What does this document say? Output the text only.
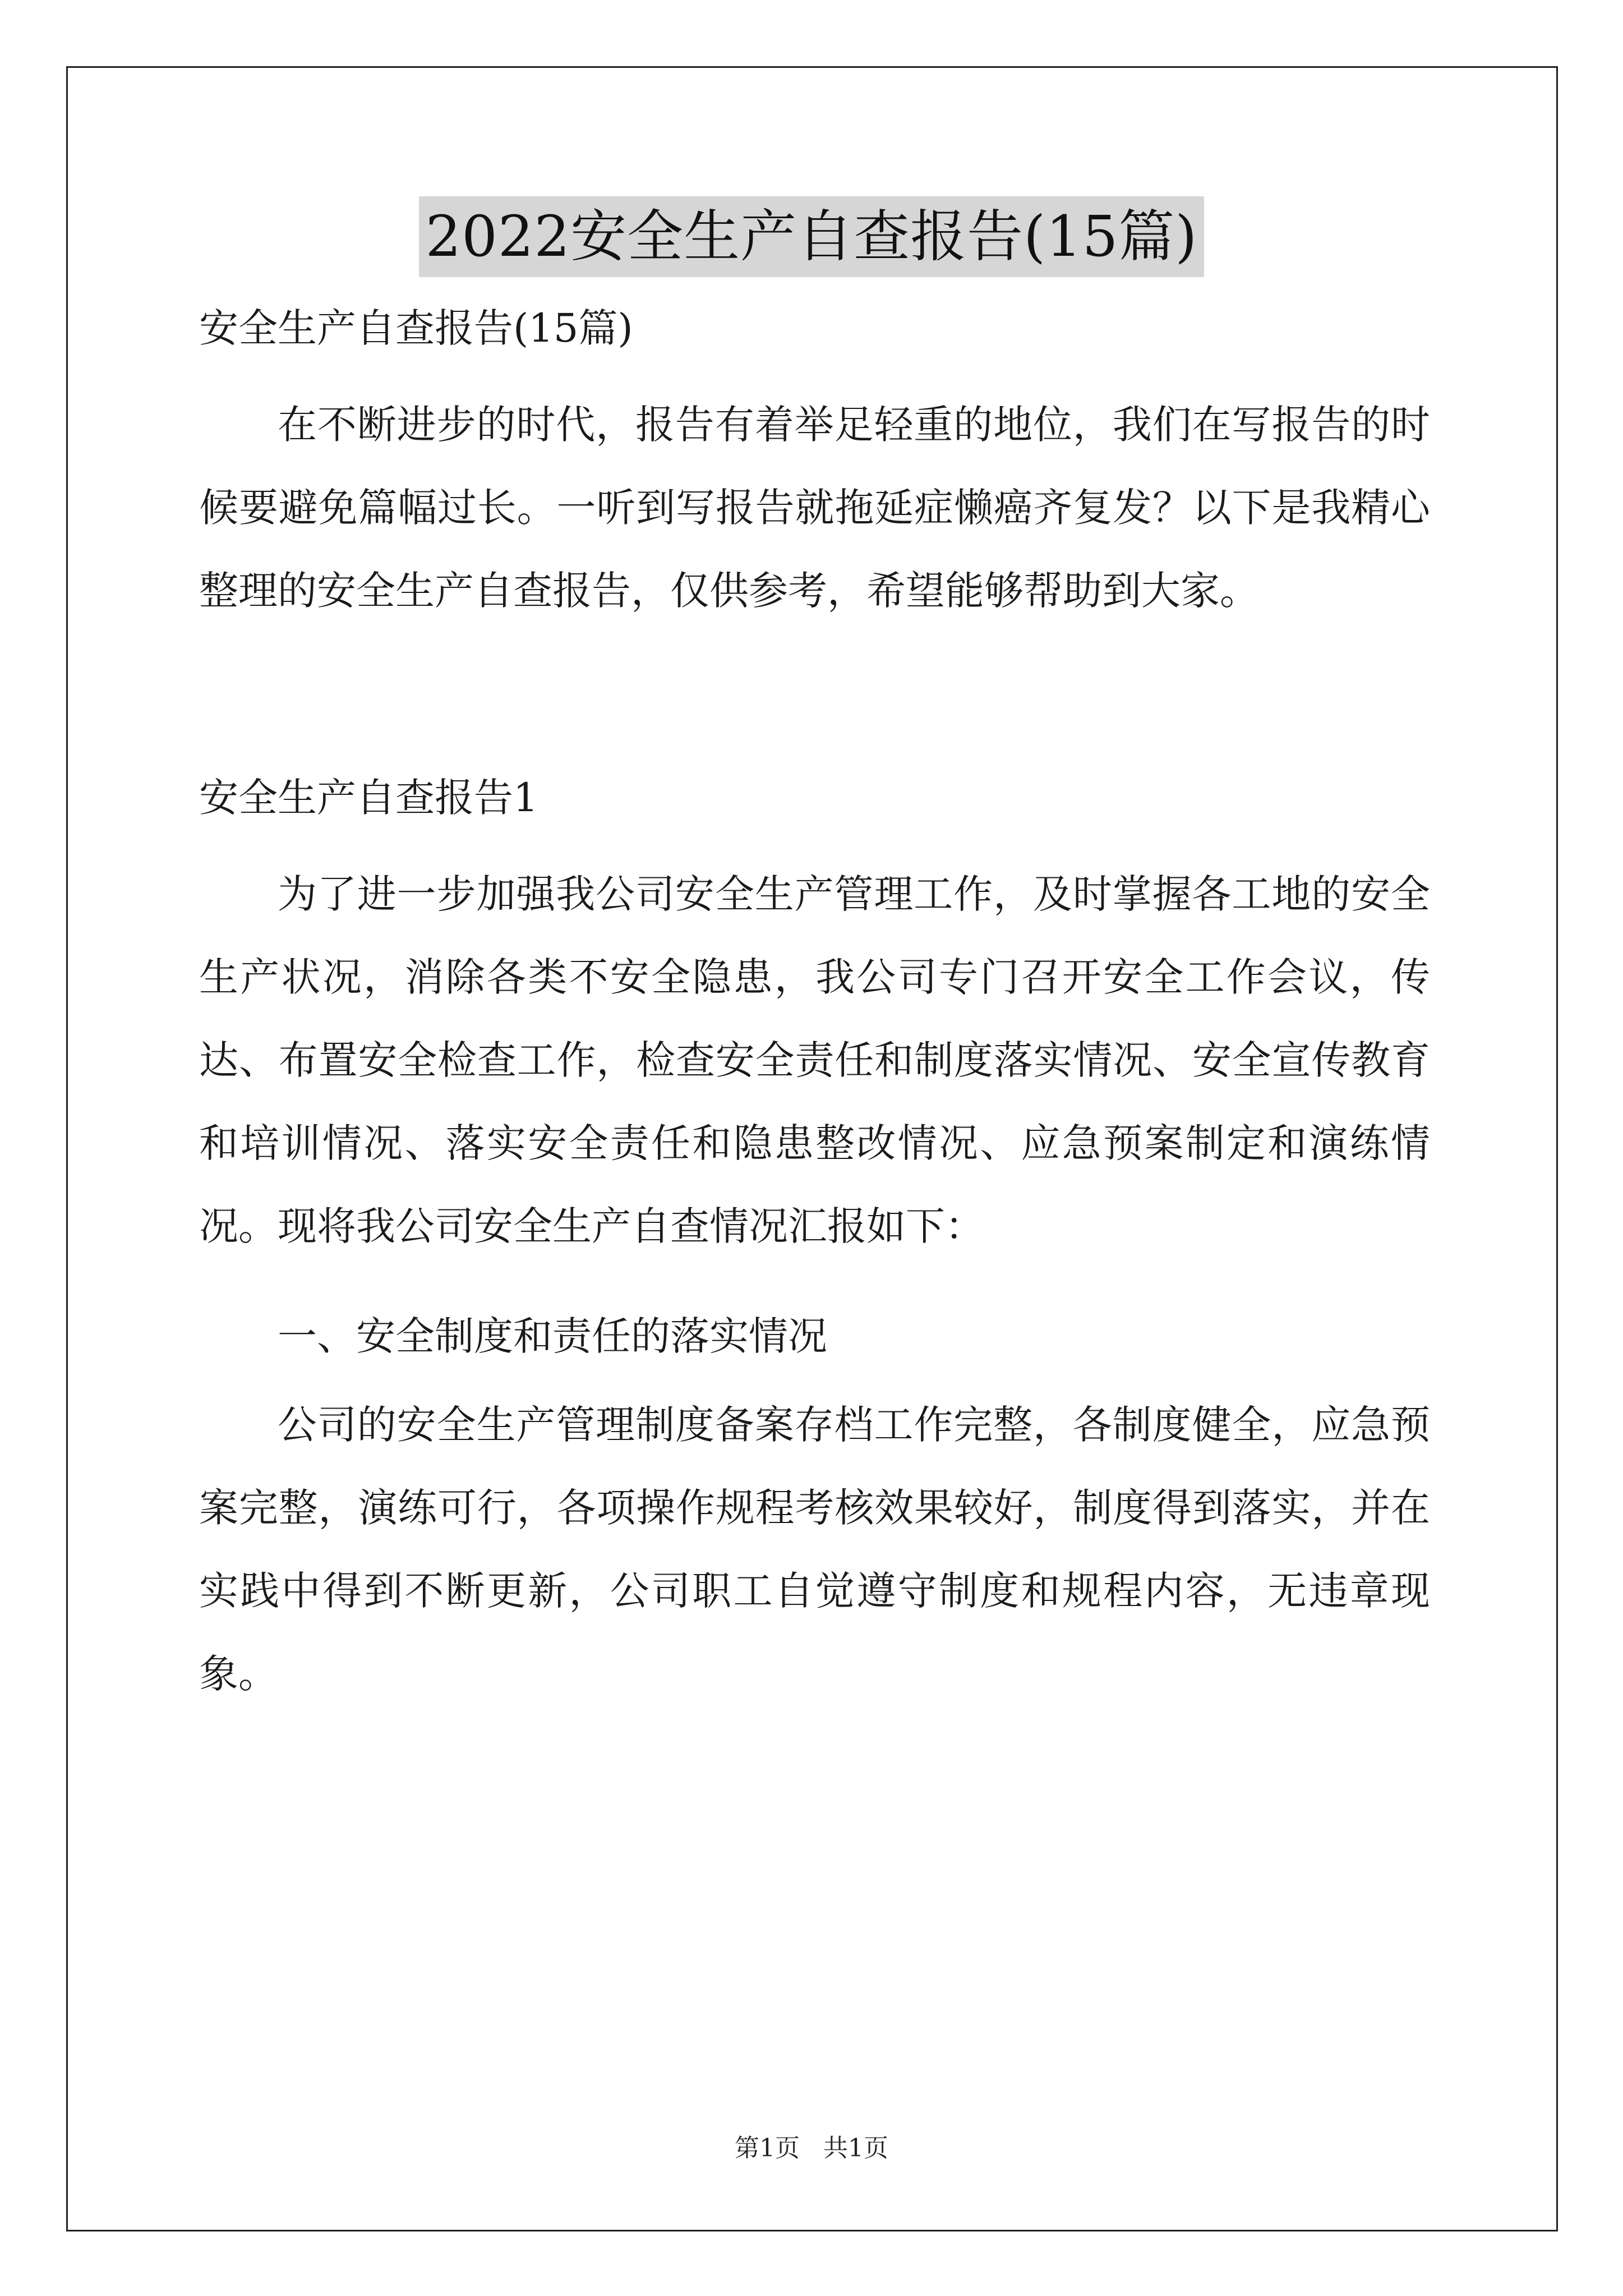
2022安全生产自查报告(15篇)

安全生产自查报告(15篇)

在不断进步的时代，报告有着举足轻重的地位，我们在写报告的时候要避免篇幅过长。一听到写报告就拖延症懒癌齐复发？以下是我精心整理的安全生产自查报告，仅供参考，希望能够帮助到大家。

安全生产自查报告1

为了进一步加强我公司安全生产管理工作，及时掌握各工地的安全生产状况，消除各类不安全隐患，我公司专门召开安全工作会议，传达、布置安全检查工作，检查安全责任和制度落实情况、安全宣传教育和培训情况、落实安全责任和隐患整改情况、应急预案制定和演练情况。现将我公司安全生产自查情况汇报如下：

一、安全制度和责任的落实情况

公司的安全生产管理制度备案存档工作完整，各制度健全，应急预案完整，演练可行，各项操作规程考核效果较好，制度得到落实，并在实践中得到不断更新，公司职工自觉遵守制度和规程内容，无违章现象。

第1页 共1页
